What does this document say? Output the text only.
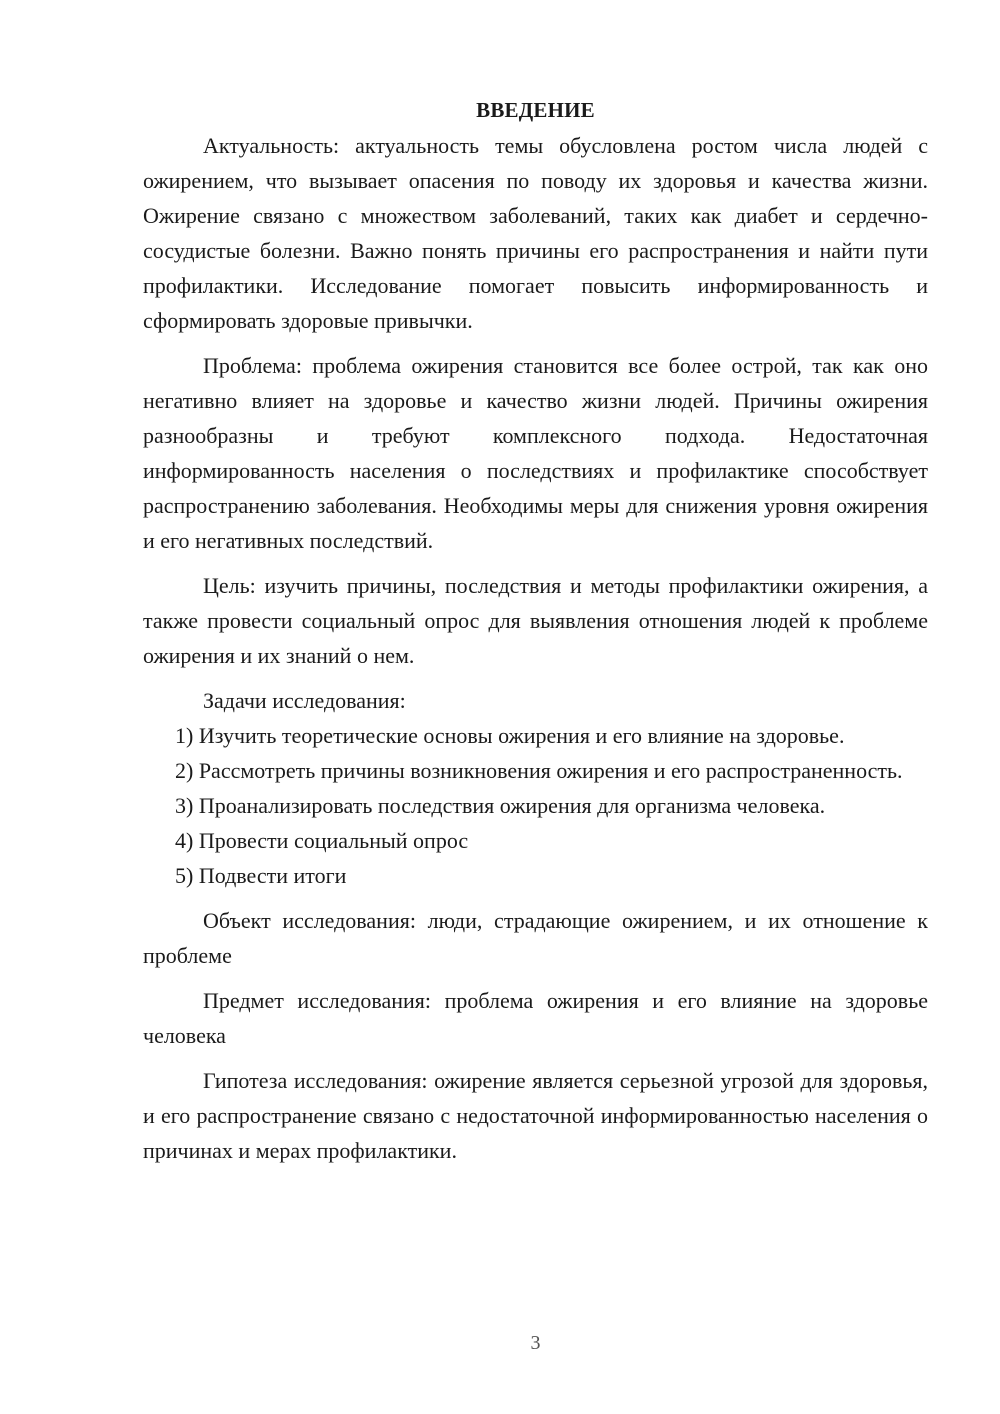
ВВЕДЕНИЕ

Актуальность: актуальность темы обусловлена ростом числа людей с ожирением, что вызывает опасения по поводу их здоровья и качества жизни. Ожирение связано с множеством заболеваний, таких как диабет и сердечно-сосудистые болезни. Важно понять причины его распространения и найти пути профилактики. Исследование помогает повысить информированность и сформировать здоровые привычки.

Проблема: проблема ожирения становится все более острой, так как оно негативно влияет на здоровье и качество жизни людей. Причины ожирения разнообразны и требуют комплексного подхода. Недостаточная информированность населения о последствиях и профилактике способствует распространению заболевания. Необходимы меры для снижения уровня ожирения и его негативных последствий.

Цель: изучить причины, последствия и методы профилактики ожирения, а также провести социальный опрос для выявления отношения людей к проблеме ожирения и их знаний о нем.

Задачи исследования:

1) Изучить теоретические основы ожирения и его влияние на здоровье.

2) Рассмотреть причины возникновения ожирения и его распространенность.

3) Проанализировать последствия ожирения для организма человека.

4) Провести социальный опрос

5) Подвести итоги

Объект исследования: люди, страдающие ожирением, и их отношение к проблеме

Предмет исследования: проблема ожирения и его влияние на здоровье человека

Гипотеза исследования: ожирение является серьезной угрозой для здоровья, и его распространение связано с недостаточной информированностью населения о причинах и мерах профилактики.

3
